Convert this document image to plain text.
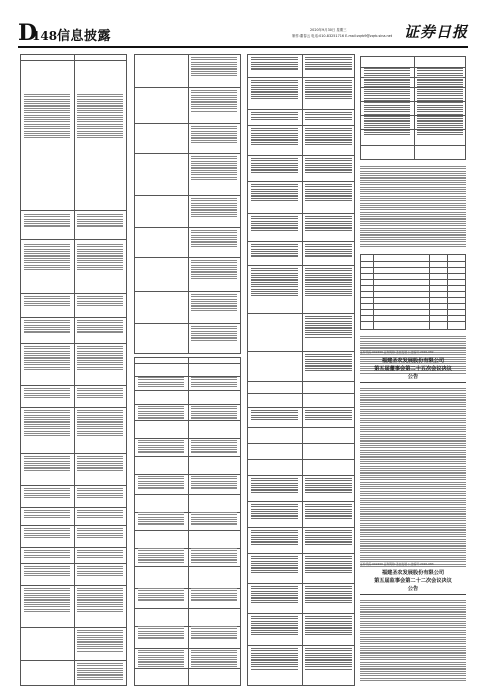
D
148 信息披露	2020年9月30日 星期三
制作:董春云 电话:010-83251716 E-mail:zqrb9@zqrb.sina.net 证券日报
证券代码:002299 证券简称:圣农发展 公告编号:2020-082
福建圣农发展股份有限公司
第五届董事会第二十五次会议决议
公告
证券代码:002299 证券简称:圣农发展 公告编号:2020-083
福建圣农发展股份有限公司
第五届监事会第二十二次会议决议
公告
